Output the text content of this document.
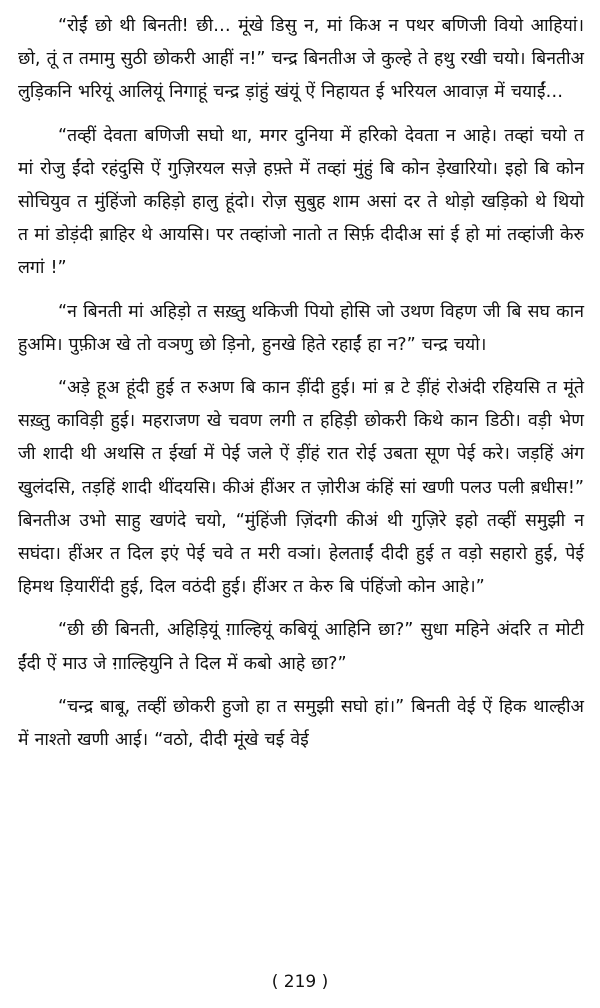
“रोईं छो थी बिनती! छी… मूंखे डिसु न, मां किअ न पथर बणिजी वियो आहियां। छो, तूं त तमामु सुठी छोकरी आहीं न!” चन्द्र बिनतीअ जे कुल्हे ते हथु रखी चयो। बिनतीअ लुड़िकनि भरियूं आलियूं निगाहूं चन्द्र ड़ांहुं खंयूं ऐं निहायत ई भरियल आवाज़ में चयाईं…

“तव्हीं देवता बणिजी सघो था, मगर दुनिया में हरिको देवता न आहे। तव्हां चयो त मां रोजु ईंदो रहंदुसि ऐं गुज़िरयल सज़े हफ़्ते में तव्हां मुंहुं बि कोन ड़ेखारियो। इहो बि कोन सोचियुव त मुंहिंजो कहिड़ो हालु हूंदो। रोज़ सुबुह शाम असां दर ते थोड़ो खड़िको थे थियो त मां डोड़ंदी ब़ाहिर थे आयसि। पर तव्हांजो नातो त सिर्फ़ दीदीअ सां ई हो मां तव्हांजी केरु लगां !”

“न बिनती मां अहिड़ो त सख़्तु थकिजी पियो होसि जो उथण विहण जी बि सघ कान हुअमि। पुफ़ीअ खे तो वञणु छो ड़िनो, हुनखे हिते रहाईं हा न?” चन्द्र चयो।

“अड़े हूअ हूंदी हुई त रुअण बि कान ड़ींदी हुई। मां ब़ टे ड़ींहं रोअंदी रहियसि त मूंते सख़्तु काविड़ी हुई। महराजण खे चवण लगी त हहिड़ी छोकरी किथे कान डिठी। वड़ी भेण जी शादी थी अथसि त ईर्खा में पेई जले ऐं ड़ींहं रात रोई उबता सूण पेई करे। जड़हिं अंग खुलंदसि, तड़हिं शादी थींदयसि। कीअं हींअर त ज़ोरीअ कंहिं सां खणी पलउ पली ब़धीस!” बिनतीअ उभो साहु खणंदे चयो, “मुंहिंजी ज़िंदगी कीअं थी गुज़िरे इहो तव्हीं समुझी न सघंदा। हींअर त दिल इएं पेई चवे त मरी वञां। हेलताईं दीदी हुई त वड़ो सहारो हुई, पेई हिमथ ड़ियारींदी हुई, दिल वठंदी हुई। हींअर त केरु बि पंहिंजो कोन आहे।”

“छी छी बिनती, अहिड़ियूं ग़ाल्हियूं कबियूं आहिनि छा?” सुधा महिने अंदरि त मोटी ईंदी ऐं माउ जे ग़ाल्हियुनि ते दिल में कबो आहे छा?”

“चन्द्र बाबू, तव्हीं छोकरी हुजो हा त समुझी सघो हां।” बिनती वेई ऐं हिक थाल्हीअ में नाश्तो खणी आई। “वठो, दीदी मूंखे चई वेई

( 219 )
